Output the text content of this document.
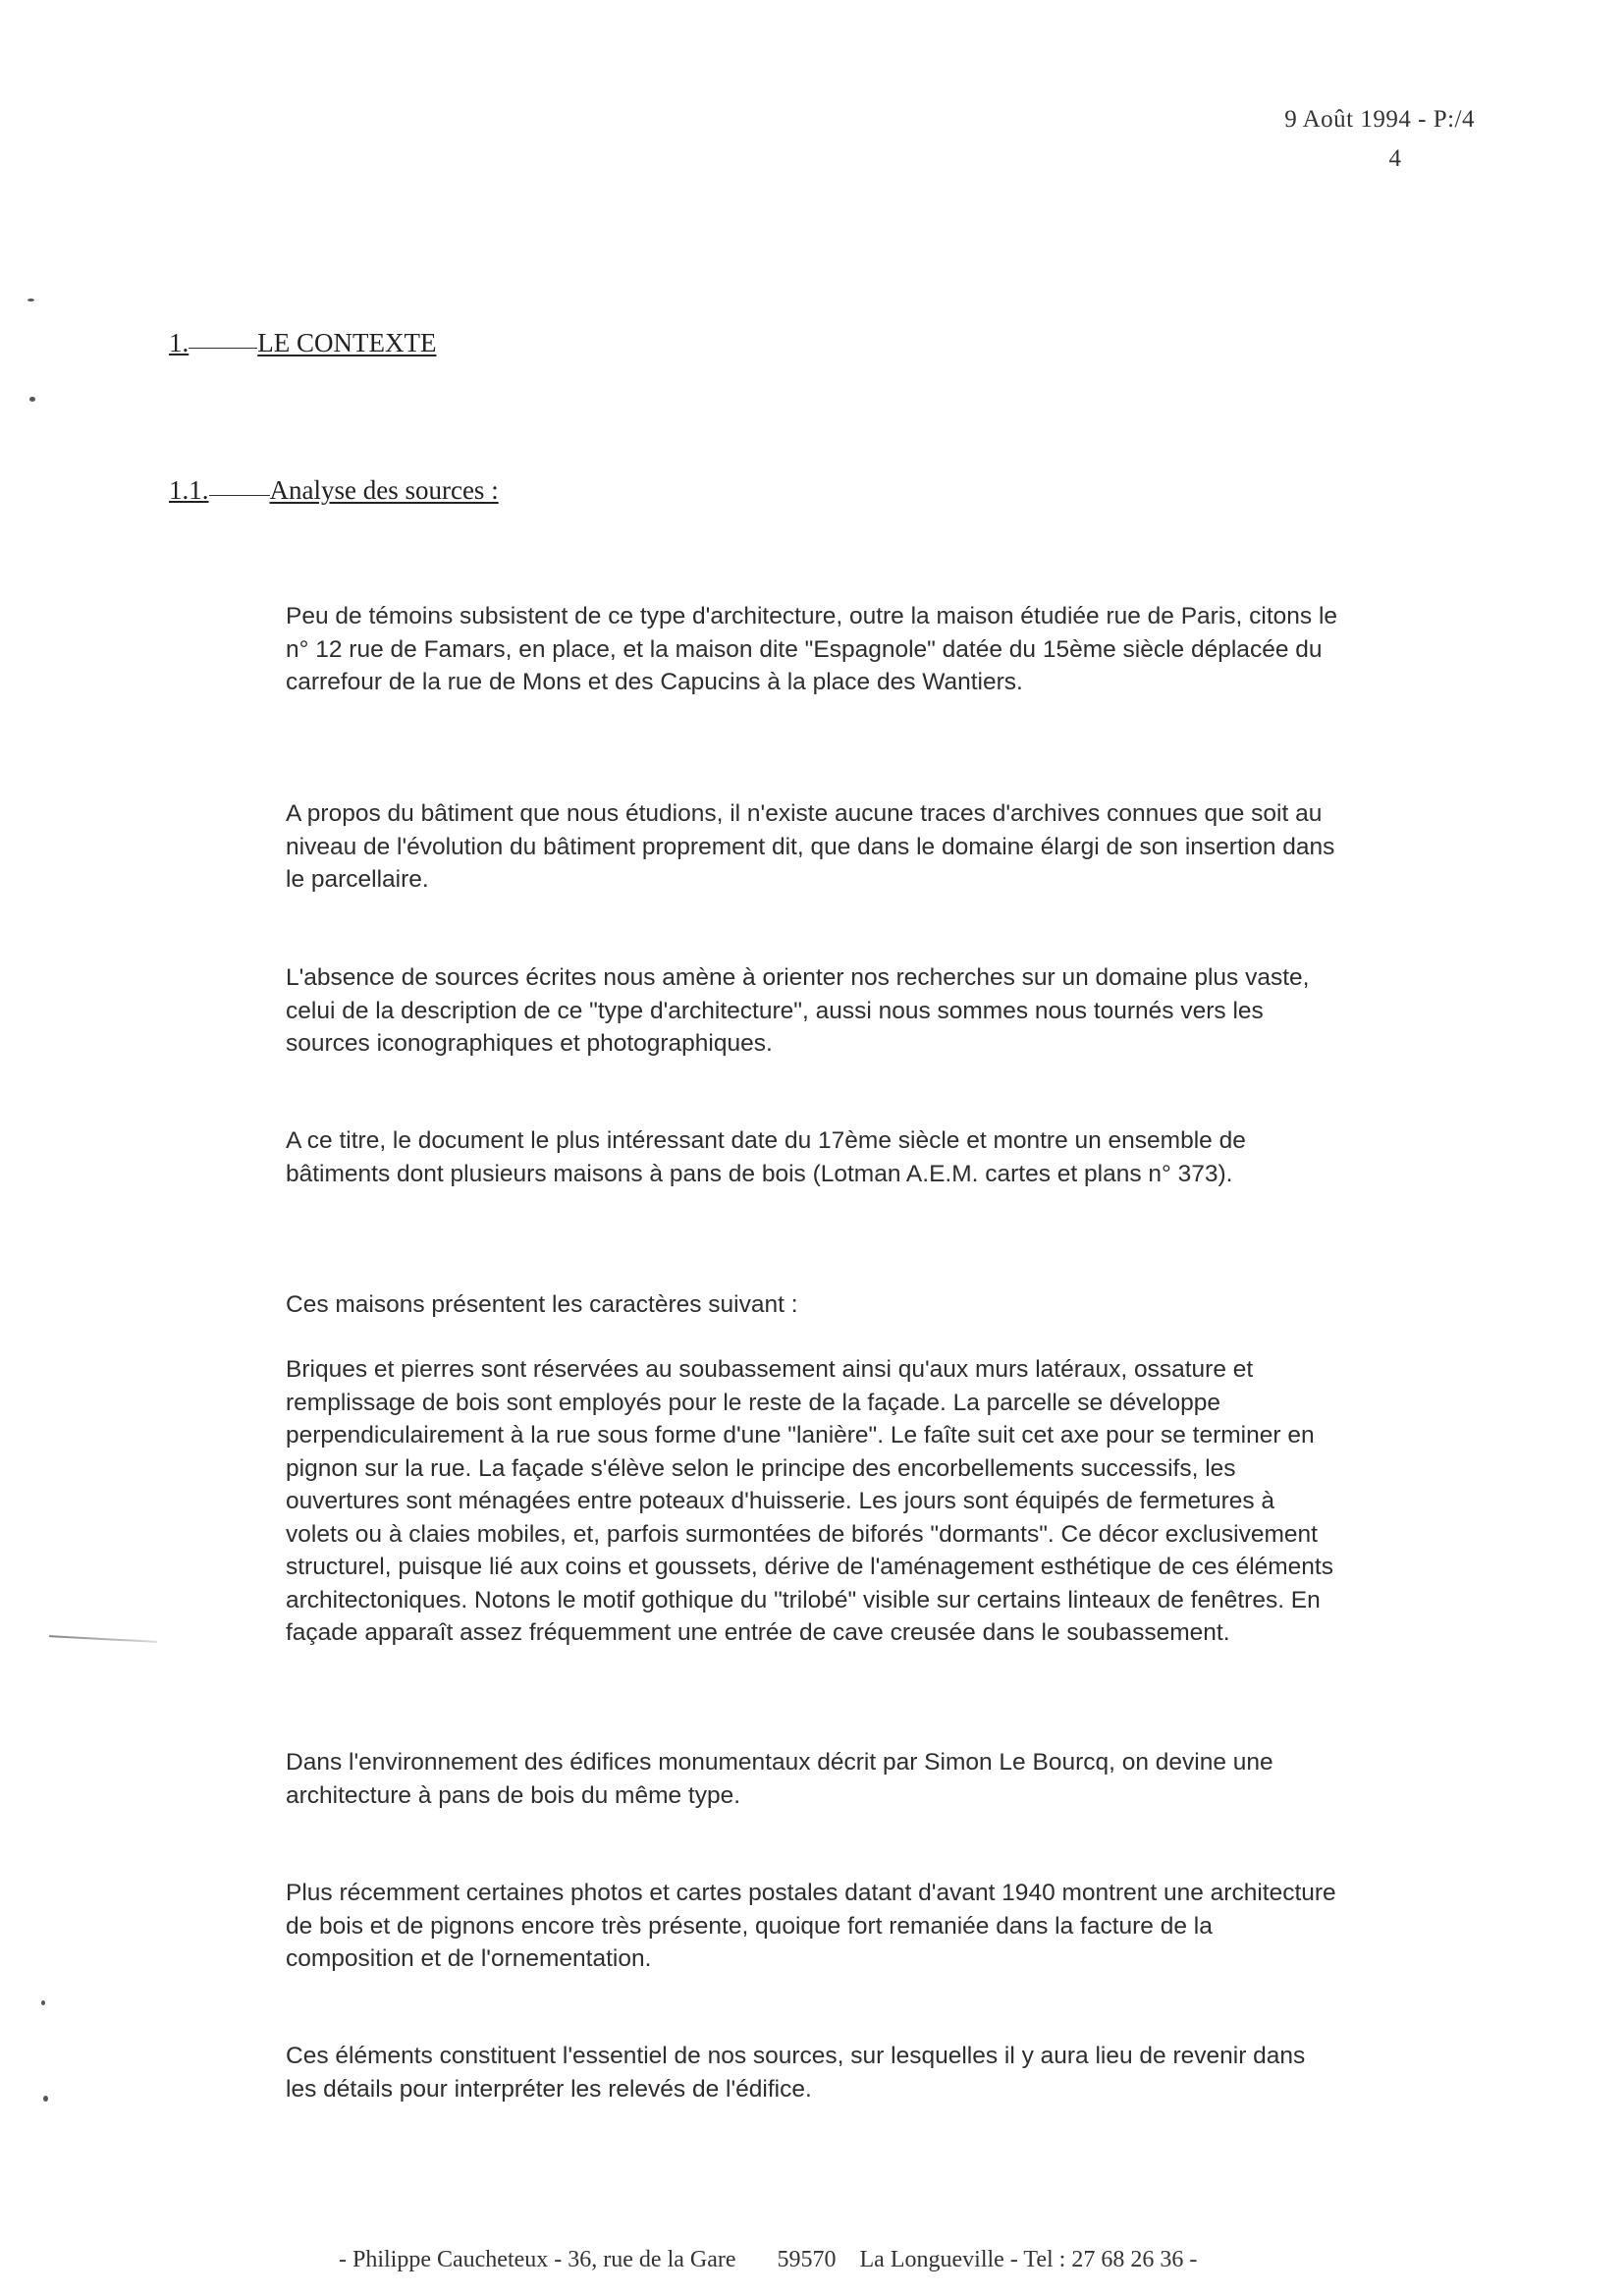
9 Août 1994 - P:/4
4
1.	LE CONTEXTE
1.1. Analyse des sources :

Peu de témoins subsistent de ce type d'architecture, outre la maison étudiée rue de Paris, citons le n° 12 rue de Famars, en place, et la maison dite "Espagnole" datée du 15ème siècle déplacée du carrefour de la rue de Mons et des Capucins à la place des Wantiers.

A propos du bâtiment que nous étudions, il n'existe aucune traces d'archives connues que soit au niveau de l'évolution du bâtiment proprement dit, que dans le domaine élargi de son insertion dans le parcellaire.

L'absence de sources écrites nous amène à orienter nos recherches sur un domaine plus vaste, celui de la description de ce "type d'architecture", aussi nous sommes nous tournés vers les sources iconographiques et photographiques.

A ce titre, le document le plus intéressant date du 17ème siècle et montre un ensemble de bâtiments dont plusieurs maisons à pans de bois (Lotman A.E.M. cartes et plans n° 373).

Ces maisons présentent les caractères suivant :

Briques et pierres sont réservées au soubassement ainsi qu'aux murs latéraux, ossature et remplissage de bois sont employés pour le reste de la façade. La parcelle se développe perpendiculairement à la rue sous forme d'une "lanière". Le faîte suit cet axe pour se terminer en pignon sur la rue. La façade s'élève selon le principe des encorbellements successifs, les ouvertures sont ménagées entre poteaux d'huisserie. Les jours sont équipés de fermetures à volets ou à claies mobiles, et, parfois surmontées de biforés "dormants". Ce décor exclusivement structurel, puisque lié aux coins et goussets, dérive de l'aménagement esthétique de ces éléments architectoniques. Notons le motif gothique du "trilobé" visible sur certains linteaux de fenêtres. En façade apparaît assez fréquemment une entrée de cave creusée dans le soubassement.

Dans l'environnement des édifices monumentaux décrit par Simon Le Bourcq, on devine une architecture à pans de bois du même type.

Plus récemment certaines photos et cartes postales datant d'avant 1940 montrent une architecture de bois et de pignons encore très présente, quoique fort remaniée dans la facture de la composition et de l'ornementation.

Ces éléments constituent l'essentiel de nos sources, sur lesquelles il y aura lieu de revenir dans les détails pour interpréter les relevés de l'édifice.

- Philippe Caucheteux - 36, rue de la Gare       59570    La Longueville - Tel : 27 68 26 36 -
